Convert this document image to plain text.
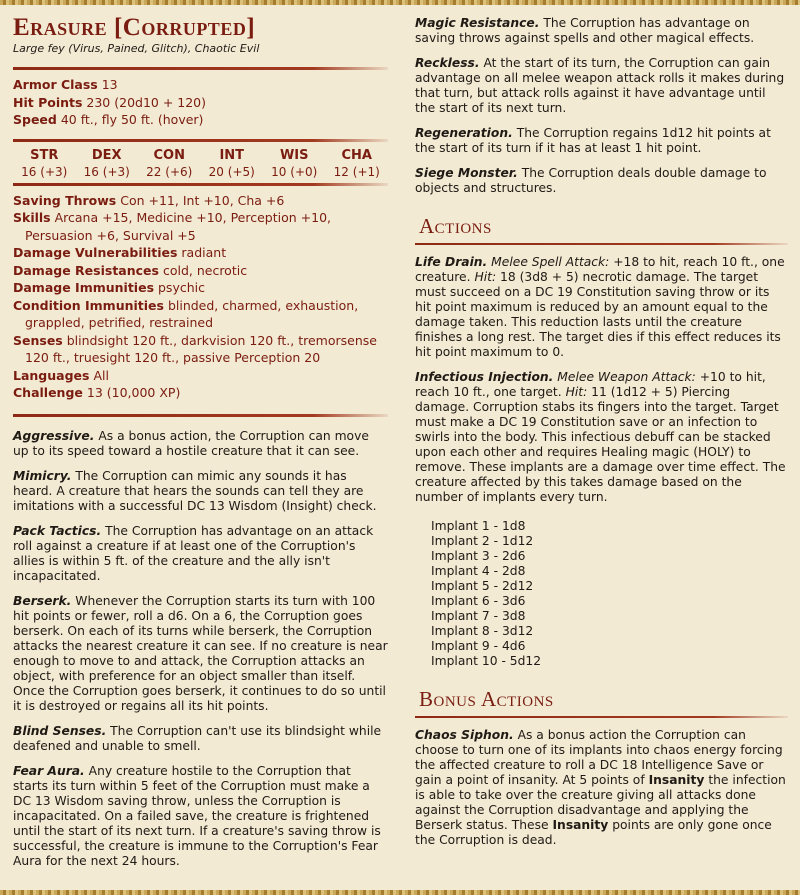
Erasure [Corrupted]
Large fey (Virus, Pained, Glitch), Chaotic Evil
Armor Class 13
Hit Points 230 (20d10 + 120)
Speed 40 ft., fly 50 ft. (hover)
STR
16 (+3)
DEX
16 (+3)
CON
22 (+6)
INT
20 (+5)
WIS
10 (+0)
CHA
12 (+1)
Saving Throws Con +11, Int +10, Cha +6
Skills Arcana +15, Medicine +10, Perception +10, Persuasion +6, Survival +5
Damage Vulnerabilities radiant
Damage Resistances cold, necrotic
Damage Immunities psychic
Condition Immunities blinded, charmed, exhaustion, grappled, petrified, restrained
Senses blindsight 120 ft., darkvision 120 ft., tremorsense 120 ft., truesight 120 ft., passive Perception 20
Languages All
Challenge 13 (10,000 XP)

Aggressive. As a bonus action, the Corruption can move up to its speed toward a hostile creature that it can see.

Mimicry. The Corruption can mimic any sounds it has heard. A creature that hears the sounds can tell they are imitations with a successful DC 13 Wisdom (Insight) check.

Pack Tactics. The Corruption has advantage on an attack roll against a creature if at least one of the Corruption's allies is within 5 ft. of the creature and the ally isn't incapacitated.

Berserk. Whenever the Corruption starts its turn with 100 hit points or fewer, roll a d6. On a 6, the Corruption goes berserk. On each of its turns while berserk, the Corruption attacks the nearest creature it can see. If no creature is near enough to move to and attack, the Corruption attacks an object, with preference for an object smaller than itself. Once the Corruption goes berserk, it continues to do so until it is destroyed or regains all its hit points.

Blind Senses. The Corruption can't use its blindsight while deafened and unable to smell.

Fear Aura. Any creature hostile to the Corruption that starts its turn within 5 feet of the Corruption must make a DC 13 Wisdom saving throw, unless the Corruption is incapacitated. On a failed save, the creature is frightened until the start of its next turn. If a creature's saving throw is successful, the creature is immune to the Corruption's Fear Aura for the next 24 hours.

Magic Resistance. The Corruption has advantage on saving throws against spells and other magical effects.

Reckless. At the start of its turn, the Corruption can gain advantage on all melee weapon attack rolls it makes during that turn, but attack rolls against it have advantage until the start of its next turn.

Regeneration. The Corruption regains 1d12 hit points at the start of its turn if it has at least 1 hit point.

Siege Monster. The Corruption deals double damage to objects and structures.

Actions

Life Drain. Melee Spell Attack: +18 to hit, reach 10 ft., one creature. Hit: 18 (3d8 + 5) necrotic damage. The target must succeed on a DC 19 Constitution saving throw or its hit point maximum is reduced by an amount equal to the damage taken. This reduction lasts until the creature finishes a long rest. The target dies if this effect reduces its hit point maximum to 0.

Infectious Injection. Melee Weapon Attack: +10 to hit, reach 10 ft., one target. Hit: 11 (1d12 + 5) Piercing damage. Corruption stabs its fingers into the target. Target must make a DC 19 Constitution save or an infection to swirls into the body. This infectious debuff can be stacked upon each other and requires Healing magic (HOLY) to remove. These implants are a damage over time effect. The creature affected by this takes damage based on the number of implants every turn.

Implant 1 - 1d8
Implant 2 - 1d12
Implant 3 - 2d6
Implant 4 - 2d8
Implant 5 - 2d12
Implant 6 - 3d6
Implant 7 - 3d8
Implant 8 - 3d12
Implant 9 - 4d6
Implant 10 - 5d12
Bonus Actions

Chaos Siphon. As a bonus action the Corruption can choose to turn one of its implants into chaos energy forcing the affected creature to roll a DC 18 Intelligence Save or gain a point of insanity. At 5 points of Insanity the infection is able to take over the creature giving all attacks done against the Corruption disadvantage and applying the Berserk status. These Insanity points are only gone once the Corruption is dead.
